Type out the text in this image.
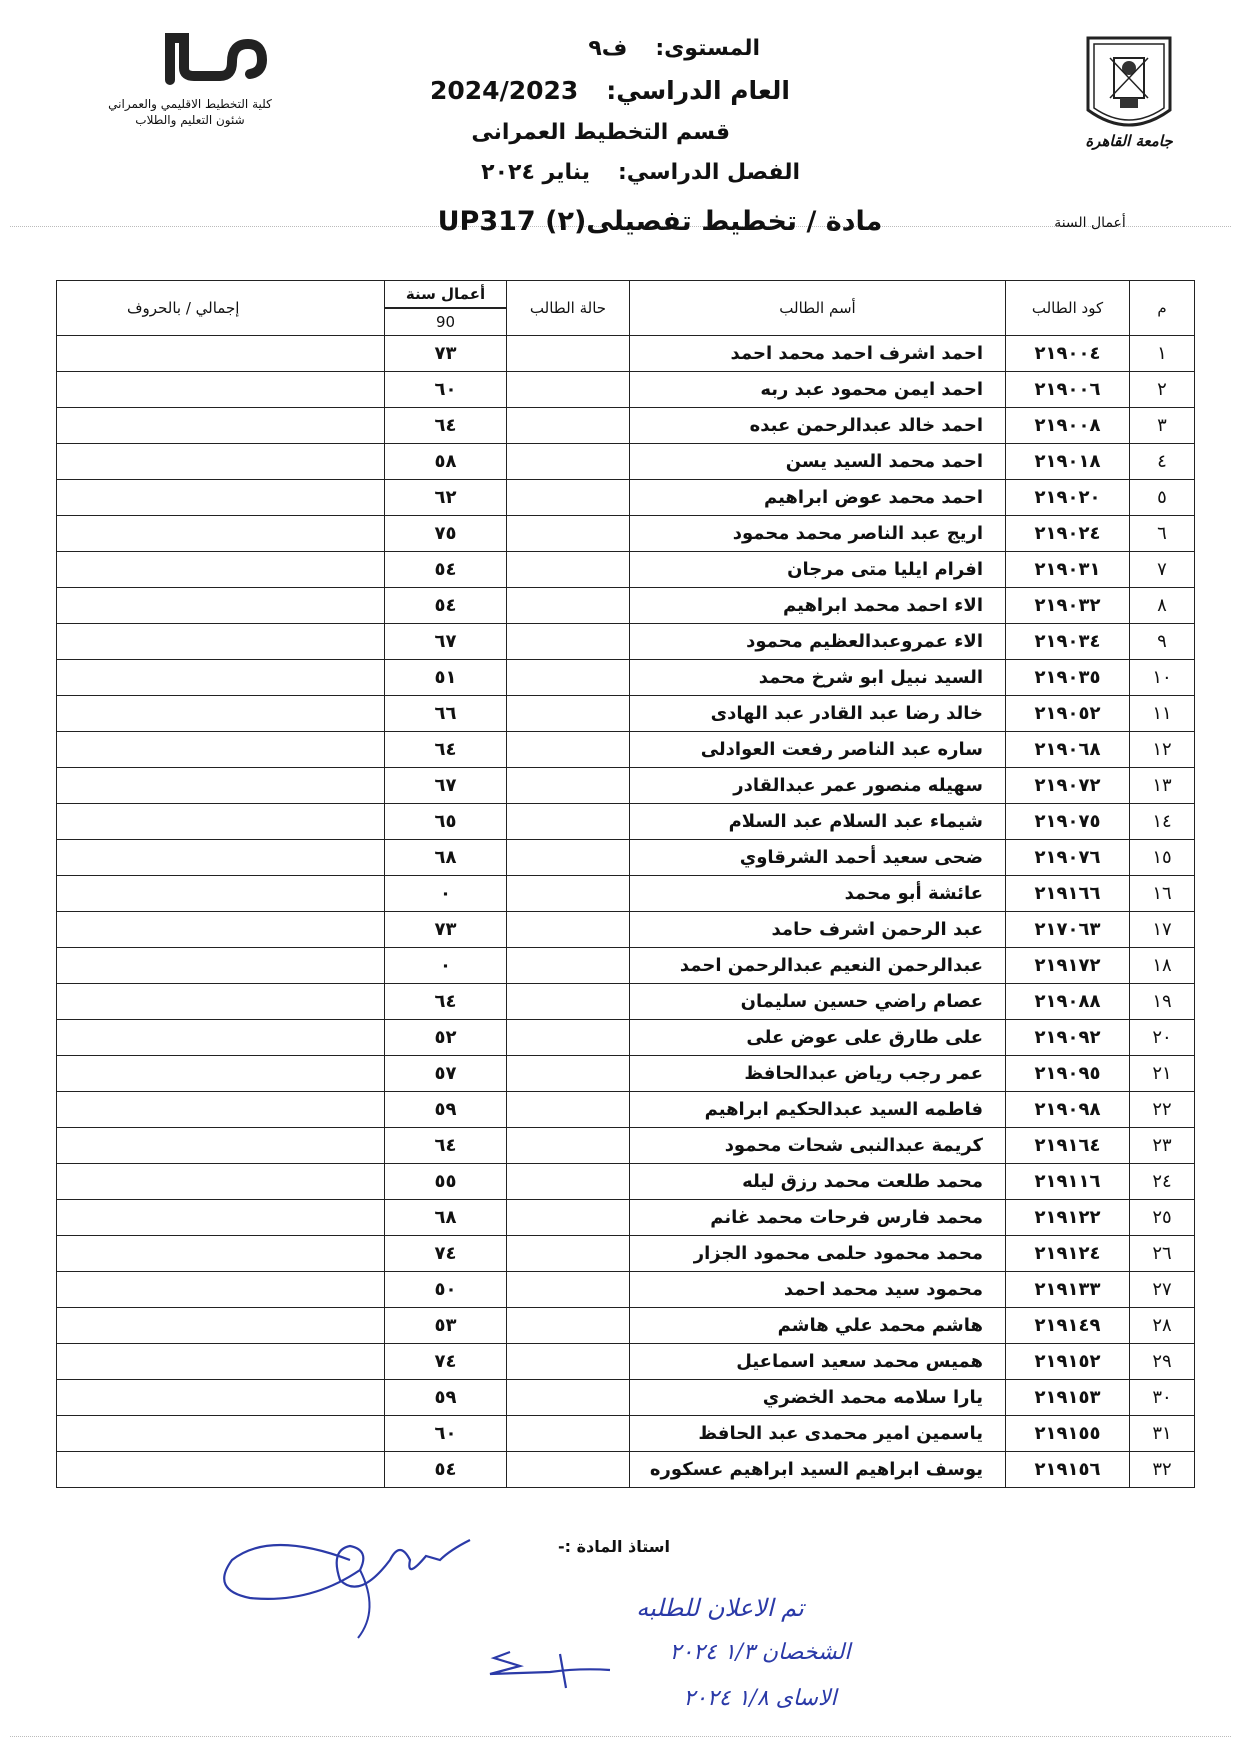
جامعة القاهرة
كلية التخطيط الاقليمي والعمراني
شئون التعليم والطلاب
المستوى:ف٩
العام الدراسي:2024/2023
قسم التخطيط العمرانى
الفصل الدراسي:يناير ٢٠٢٤
أعمال السنة
مادة / تخطيط تفصيلى(٢) UP317
م	كود الطالب	أسم الطالب	حالة الطالب	أعمال سنة	إجمالي / بالحروف
				90	
١	٢١٩٠٠٤	احمد اشرف احمد محمد احمد		٧٣	
٢	٢١٩٠٠٦	احمد ايمن محمود عبد ربه		٦٠	
٣	٢١٩٠٠٨	احمد خالد عبدالرحمن عبده		٦٤	
٤	٢١٩٠١٨	احمد محمد السيد يسن		٥٨	
٥	٢١٩٠٢٠	احمد محمد عوض ابراهيم		٦٢	
٦	٢١٩٠٢٤	اريج عبد الناصر محمد محمود		٧٥	
٧	٢١٩٠٣١	افرام ايليا متى مرجان		٥٤	
٨	٢١٩٠٣٢	الاء احمد محمد ابراهيم		٥٤	
٩	٢١٩٠٣٤	الاء عمروعبدالعظيم محمود		٦٧	
١٠	٢١٩٠٣٥	السيد نبيل ابو شرخ محمد		٥١	
١١	٢١٩٠٥٢	خالد رضا عبد القادر عبد الهادى		٦٦	
١٢	٢١٩٠٦٨	ساره عبد الناصر رفعت العوادلى		٦٤	
١٣	٢١٩٠٧٢	سهيله منصور عمر عبدالقادر		٦٧	
١٤	٢١٩٠٧٥	شيماء عبد السلام عبد السلام		٦٥	
١٥	٢١٩٠٧٦	ضحى سعيد أحمد الشرقاوي		٦٨	
١٦	٢١٩١٦٦	عائشة أبو محمد		٠	
١٧	٢١٧٠٦٣	عبد الرحمن اشرف حامد		٧٣	
١٨	٢١٩١٧٢	عبدالرحمن النعيم عبدالرحمن احمد		٠	
١٩	٢١٩٠٨٨	عصام راضي حسين سليمان		٦٤	
٢٠	٢١٩٠٩٢	على طارق على عوض على		٥٢	
٢١	٢١٩٠٩٥	عمر رجب رياض عبدالحافظ		٥٧	
٢٢	٢١٩٠٩٨	فاطمه السيد عبدالحكيم ابراهيم		٥٩	
٢٣	٢١٩١٦٤	كريمة عبدالنبى شحات محمود		٦٤	
٢٤	٢١٩١١٦	محمد طلعت محمد رزق ليله		٥٥	
٢٥	٢١٩١٢٢	محمد فارس فرحات محمد غانم		٦٨	
٢٦	٢١٩١٢٤	محمد محمود حلمى محمود الجزار		٧٤	
٢٧	٢١٩١٣٣	محمود سيد محمد احمد		٥٠	
٢٨	٢١٩١٤٩	هاشم محمد علي هاشم		٥٣	
٢٩	٢١٩١٥٢	هميس محمد سعيد اسماعيل		٧٤	
٣٠	٢١٩١٥٣	يارا سلامه محمد الخضري		٥٩	
٣١	٢١٩١٥٥	ياسمين امير محمدى عبد الحافظ		٦٠	
٣٢	٢١٩١٥٦	يوسف ابراهيم السيد ابراهيم عسكوره		٥٤	
استاذ المادة :-
تم الاعلان للطلبه
الشخصان ١/٣ ٢٠٢٤
الاساى ١/٨ ٢٠٢٤
